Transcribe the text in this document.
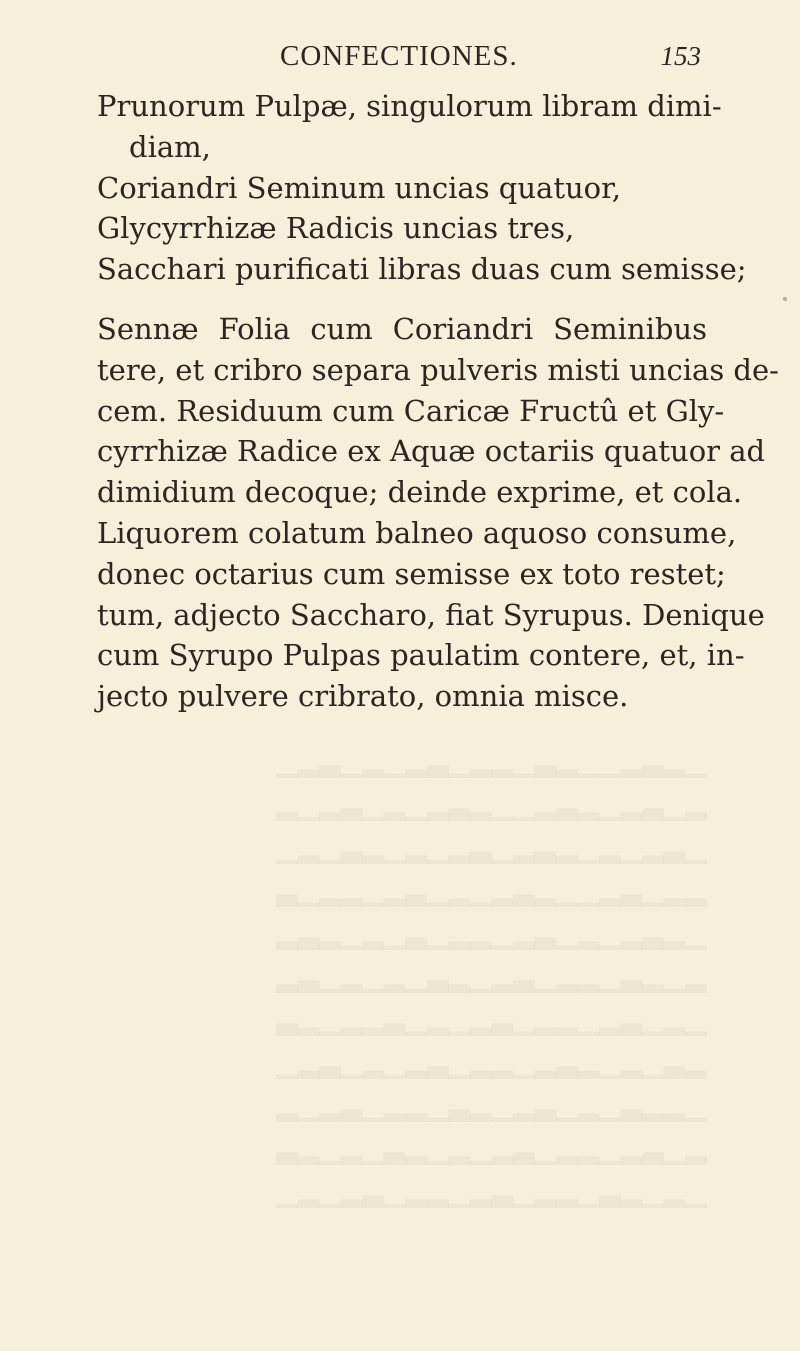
CONFECTIONES.	153
Prunorum Pulpæ, singulorum libram dimi-
diam,
Coriandri Seminum uncias quatuor,
Glycyrrhizæ Radicis uncias tres,
Sacchari purificati libras duas cum semisse;
Sennæ Folia cum Coriandri Seminibus
tere, et cribro separa pulveris misti uncias de-
cem. Residuum cum Caricæ Fructû et Gly-
cyrrhizæ Radice ex Aquæ octariis quatuor ad
dimidium decoque; deinde exprime, et cola.
Liquorem colatum balneo aquoso consume,
donec octarius cum semisse ex toto restet;
tum, adjecto Saccharo, fiat Syrupus. Denique
cum Syrupo Pulpas paulatim contere, et, in-
jecto pulvere cribrato, omnia misce.
▁▂▃▂▁▁▂▃▁▂▂▁▃▂▁▂▁▃▂▁
▂▁▃▂▁▂▃▂▁▁▂▃▂▁▂▁▃▂▁▂
▁▃▂▁▂▁▂▃▂▁▃▂▁▂▁▂▃▁▂▁
▂▂▁▃▂▁▁▂▃▂▁▂▁▃▂▁▂▂▁▃
▁▂▃▂▁▂▁▃▂▁▂▂▁▃▁▂▁▂▃▂
▂▁▂▃▁▂▂▁▃▂▁▂▃▁▂▁▂▁▃▂
▁▂▁▃▂▁▂▂▁▃▂▁▂▁▃▂▂▁▂▃
▂▃▁▂▁▂▃▂▁▂▂▁▃▂▁▂▁▃▂▁
▁▂▂▃▁▂▁▃▂▁▂▃▁▂▂▁▃▂▁▂
▂▁▃▂▁▂▂▁▃▂▁▂▁▂▃▁▂▁▂▃
▁▂▁▂▃▁▂▂▁▃▂▁▂▂▁▃▂▁▂▁
